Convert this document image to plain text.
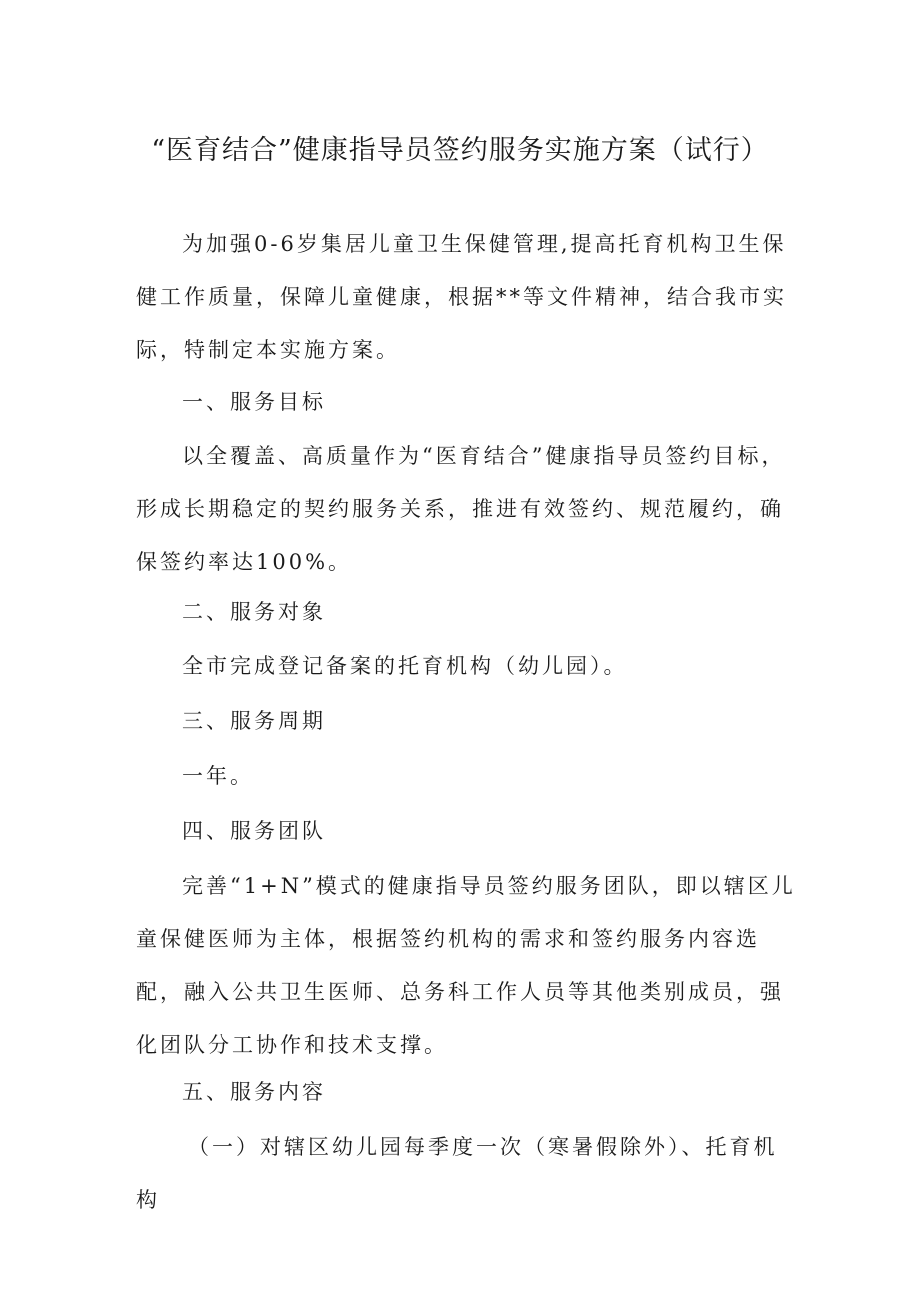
“医育结合”健康指导员签约服务实施方案（试行）

为加强0-6岁集居儿童卫生保健管理,提高托育机构卫生保健工作质量，保障儿童健康，根据**等文件精神，结合我市实际，特制定本实施方案。

一、服务目标

以全覆盖、高质量作为“医育结合”健康指导员签约目标，形成长期稳定的契约服务关系，推进有效签约、规范履约，确保签约率达100%。

二、服务对象

全市完成登记备案的托育机构（幼儿园）。

三、服务周期

一年。

四、服务团队

完善“1+N”模式的健康指导员签约服务团队，即以辖区儿童保健医师为主体，根据签约机构的需求和签约服务内容选配，融入公共卫生医师、总务科工作人员等其他类别成员，强化团队分工协作和技术支撑。

五、服务内容

（一）对辖区幼儿园每季度一次（寒暑假除外）、托育机构
